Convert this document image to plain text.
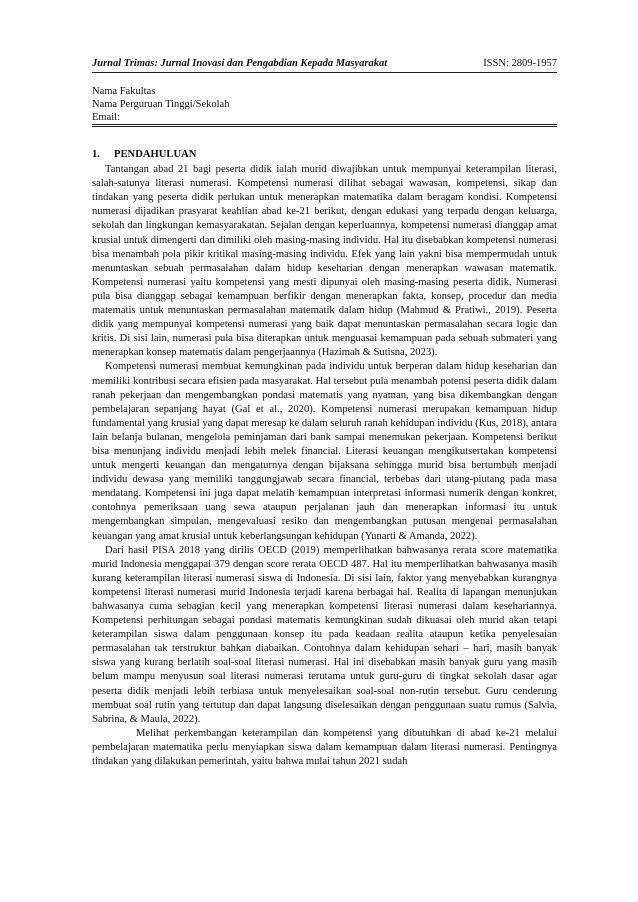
Jurnal Trimas: Jurnal Inovasi dan Pengabdian Kepada Masyarakat	ISSN: 2809-1957
Nama Fakultas
Nama Perguruan Tinggi/Sekolah
Email:
1. PENDAHULUAN

Tantangan abad 21 bagi peserta didik ialah murid diwajibkan untuk mempunyai keterampilan literasi, salah-satunya literasi numerasi. Kompetensi numerasi dilihat sebagai wawasan, kompetensi, sikap dan tindakan yang peserta didik perlukan untuk menerapkan matematika dalam beragam kondisi. Kompetensi numerasi dijadikan prasyarat keahlian abad ke-21 berikut, dengan edukasi yang terpadu dengan keluarga, sekolah dan lingkungan kemasyarakatan. Sejalan dengan keperluannya, kompetensi numerasi dianggap amat krusial untuk dimengerti dan dimiliki oleh masing-masing individu. Hal itu disebabkan kompetensi numerasi bisa menambah pola pikir kritikal masing-masing individu. Efek yang lain yakni bisa mempermudah untuk menuntaskan sebuah permasalahan dalam hidup keseharian dengan menerapkan wawasan matematik. Kompetensi numerasi yaitu kompetensi yang mesti dipunyai oleh masing-masing peserta didik. Numerasi pula bisa dianggap sebagai kemampuan berfikir dengan menerapkan fakta, konsep, procedur dan media matematis untuk menuntaskan permasalahan matematik dalam hidup (Mahmud & Pratiwi., 2019). Peserta didik yang mempunyai kompetensi numerasi yang baik dapat menuntaskan permasalahan secara logic dan kritis. Di sisi lain, numerasi pula bisa diterapkan untuk menguasai kemampuan pada sebuah submateri yang menerapkan konsep matematis dalam pengerjaannya (Hazimah & Sutisna, 2023).

Kompetensi numerasi membuat kemungkinan pada individu untuk berperan dalam hidup keseharian dan memiliki kontribusi secara efisien pada masyarakat. Hal tersebut pula menambah potensi peserta didik dalam ranah pekerjaan dan mengembangkan pondasi matematis yang nyaman, yang bisa dikembangkan dengan pembelajaran sepanjang hayat (Gal et al., 2020). Kompetensi numerasi merupakan kemampuan hidup fundamental yang krusial yang dapat meresap ke dalam seluruh ranah kehidupan individu (Kus, 2018), antara lain belanja bulanan, mengelola peminjaman dari bank sampai menemukan pekerjaan. Kompetensi berikut bisa menunjang individu menjadi lebih melek financial. Literasi keuangan mengikutsertakan kompetensi untuk mengerti keuangan dan mengaturnya dengan bijaksana sehingga murid bisa bertumbuh menjadi individu dewasa yang memiliki tanggungjawab secara financial, terbebas dari utang-piutang pada masa mendatang. Kompetensi ini juga dapat melatih kemampuan interpretasi informasi numerik dengan konkret, contohnya pemeriksaan uang sewa ataupun perjalanan jauh dan menerapkan informasi itu untuk mengembangkan simpulan, mengevaluasi resiko dan mengembangkan putusan mengenai permasalahan keuangan yang amat krusial untuk keberlangsungan kehidupan (Yunarti & Amanda, 2022).

Dari hasil PISA 2018 yang dirilis OECD (2019) memperlihatkan bahwasanya rerata score matematika murid Indonesia menggapai 379 dengan score rerata OECD 487. Hal itu memperlihatkan bahwasanya masih kurang keterampilan literasi numerasi siswa di Indonesia. Di sisi lain, faktor yang menyebabkan kurangnya kompetensi literasi numerasi murid Indonesia terjadi karena berbagai hal. Realita di lapangan menunjukan bahwasanya cuma sebagian kecil yang menerapkan kompetensi literasi numerasi dalam kesehariannya. Kompetensi perhitungan sebagai pondasi matematis kemungkinan sudah dikuasai oleh murid akan tetapi keterampilan siswa dalam penggunaan konsep itu pada keadaan realita ataupun ketika penyelesaian permasalahan tak terstruktur bahkan diabaikan. Contohnya dalam kehidupan sehari – hari, masih banyak siswa yang kurang berlatih soal-soal literasi numerasi. Hal ini disebabkan masih banyak guru yang masih belum mampu menyusun soal literasi numerasi terutama untuk guru-guru di tingkat sekolah dasar agar peserta didik menjadi lebih terbiasa untuk menyelesaikan soal-soal non-rutin tersebut. Guru cenderung membuat soal rutin yang tertutup dan dapat langsung diselesaikan dengan penggunaan suatu rumus (Salvia, Sabrina, & Maula, 2022).

Melihat perkembangan keterampilan dan kompetensi yang dibutuhkan di abad ke-21 melalui pembelajaran matematika perlu menyiapkan siswa dalam kemampuan dalam literasi numerasi. Pentingnya tindakan yang dilakukan pemerintah, yaitu bahwa mulai tahun 2021 sudah
